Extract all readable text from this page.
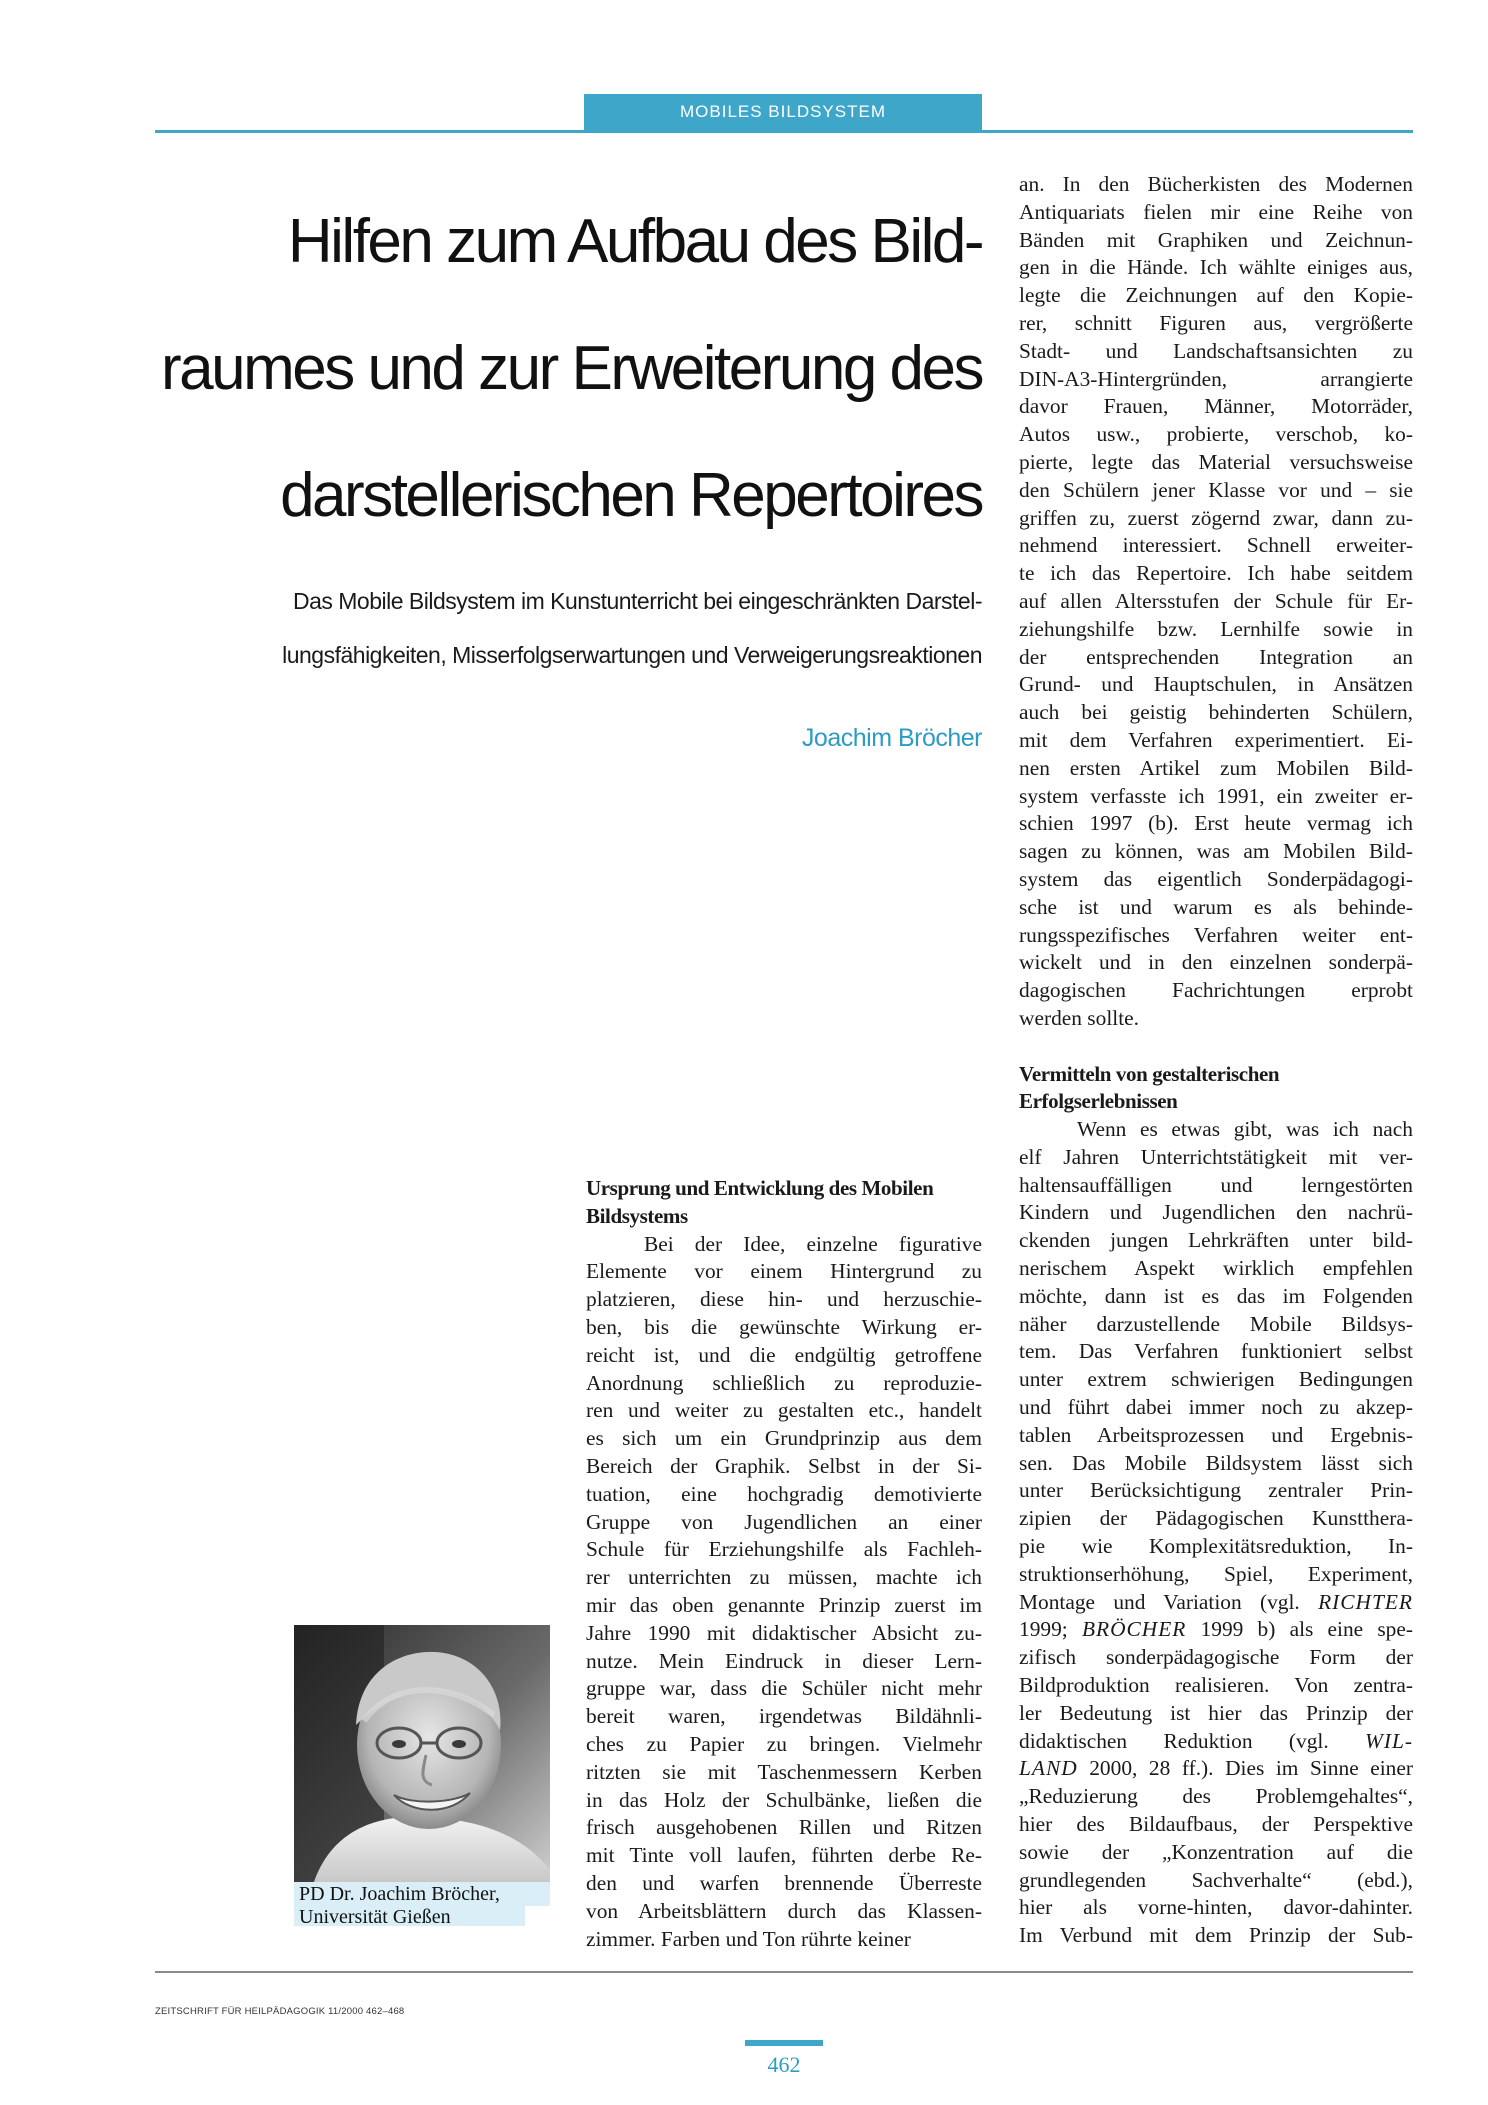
MOBILES BILDSYSTEM
Hilfen zum Aufbau des Bild-
raumes und zur Erweiterung des
darstellerischen Repertoires

Das Mobile Bildsystem im Kunstunterricht bei eingeschränkten Darstel-
lungsfähigkeiten, Misserfolgserwartungen und Verweigerungsreaktionen

Joachim Bröcher

an. In den Bücherkisten des Modernen
Antiquariats fielen mir eine Reihe von
Bänden mit Graphiken und Zeichnun-
gen in die Hände. Ich wählte einiges aus,
legte die Zeichnungen auf den Kopie-
rer, schnitt Figuren aus, vergrößerte
Stadt- und Landschaftsansichten zu
DIN-A3-Hintergründen, arrangierte
davor Frauen, Männer, Motorräder,
Autos usw., probierte, verschob, ko-
pierte, legte das Material versuchsweise
den Schülern jener Klasse vor und – sie
griffen zu, zuerst zögernd zwar, dann zu-
nehmend interessiert. Schnell erweiter-
te ich das Repertoire. Ich habe seitdem
auf allen Altersstufen der Schule für Er-
ziehungshilfe bzw. Lernhilfe sowie in
der entsprechenden Integration an
Grund- und Hauptschulen, in Ansätzen
auch bei geistig behinderten Schülern,
mit dem Verfahren experimentiert. Ei-
nen ersten Artikel zum Mobilen Bild-
system verfasste ich 1991, ein zweiter er-
schien 1997 (b). Erst heute vermag ich
sagen zu können, was am Mobilen Bild-
system das eigentlich Sonderpädagogi-
sche ist und warum es als behinde-
rungsspezifisches Verfahren weiter ent-
wickelt und in den einzelnen sonderpä-
dagogischen Fachrichtungen erprobt
werden sollte.

Vermitteln von gestalterischen
Erfolgserlebnissen

Wenn es etwas gibt, was ich nach
elf Jahren Unterrichtstätigkeit mit ver-
haltensauffälligen und lerngestörten
Kindern und Jugendlichen den nachrü-
ckenden jungen Lehrkräften unter bild-
nerischem Aspekt wirklich empfehlen
möchte, dann ist es das im Folgenden
näher darzustellende Mobile Bildsys-
tem. Das Verfahren funktioniert selbst
unter extrem schwierigen Bedingungen
und führt dabei immer noch zu akzep-
tablen Arbeitsprozessen und Ergebnis-
sen. Das Mobile Bildsystem lässt sich
unter Berücksichtigung zentraler Prin-
zipien der Pädagogischen Kunstthera-
pie wie Komplexitätsreduktion, In-
struktionserhöhung, Spiel, Experiment,
Montage und Variation (vgl. RICHTER
1999; BRÖCHER 1999 b) als eine spe-
zifisch sonderpädagogische Form der
Bildproduktion realisieren. Von zentra-
ler Bedeutung ist hier das Prinzip der
didaktischen Reduktion (vgl. WIL-
LAND 2000, 28 ff.). Dies im Sinne einer
„Reduzierung des Problemgehaltes“,
hier des Bildaufbaus, der Perspektive
sowie der „Konzentration auf die
grundlegenden Sachverhalte“ (ebd.),
hier als vorne-hinten, davor-dahinter.
Im Verbund mit dem Prinzip der Sub-

Ursprung und Entwicklung des Mobilen
Bildsystems

Bei der Idee, einzelne figurative
Elemente vor einem Hintergrund zu
platzieren, diese hin- und herzuschie-
ben, bis die gewünschte Wirkung er-
reicht ist, und die endgültig getroffene
Anordnung schließlich zu reproduzie-
ren und weiter zu gestalten etc., handelt
es sich um ein Grundprinzip aus dem
Bereich der Graphik. Selbst in der Si-
tuation, eine hochgradig demotivierte
Gruppe von Jugendlichen an einer
Schule für Erziehungshilfe als Fachleh-
rer unterrichten zu müssen, machte ich
mir das oben genannte Prinzip zuerst im
Jahre 1990 mit didaktischer Absicht zu-
nutze. Mein Eindruck in dieser Lern-
gruppe war, dass die Schüler nicht mehr
bereit waren, irgendetwas Bildähnli-
ches zu Papier zu bringen. Vielmehr
ritzten sie mit Taschenmessern Kerben
in das Holz der Schulbänke, ließen die
frisch ausgehobenen Rillen und Ritzen
mit Tinte voll laufen, führten derbe Re-
den und warfen brennende Überreste
von Arbeitsblättern durch das Klassen-
zimmer. Farben und Ton rührte keiner

PD Dr. Joachim Bröcher,
Universität Gießen
ZEITSCHRIFT FÜR HEILPÄDAGOGIK 11/2000 462–468
462
